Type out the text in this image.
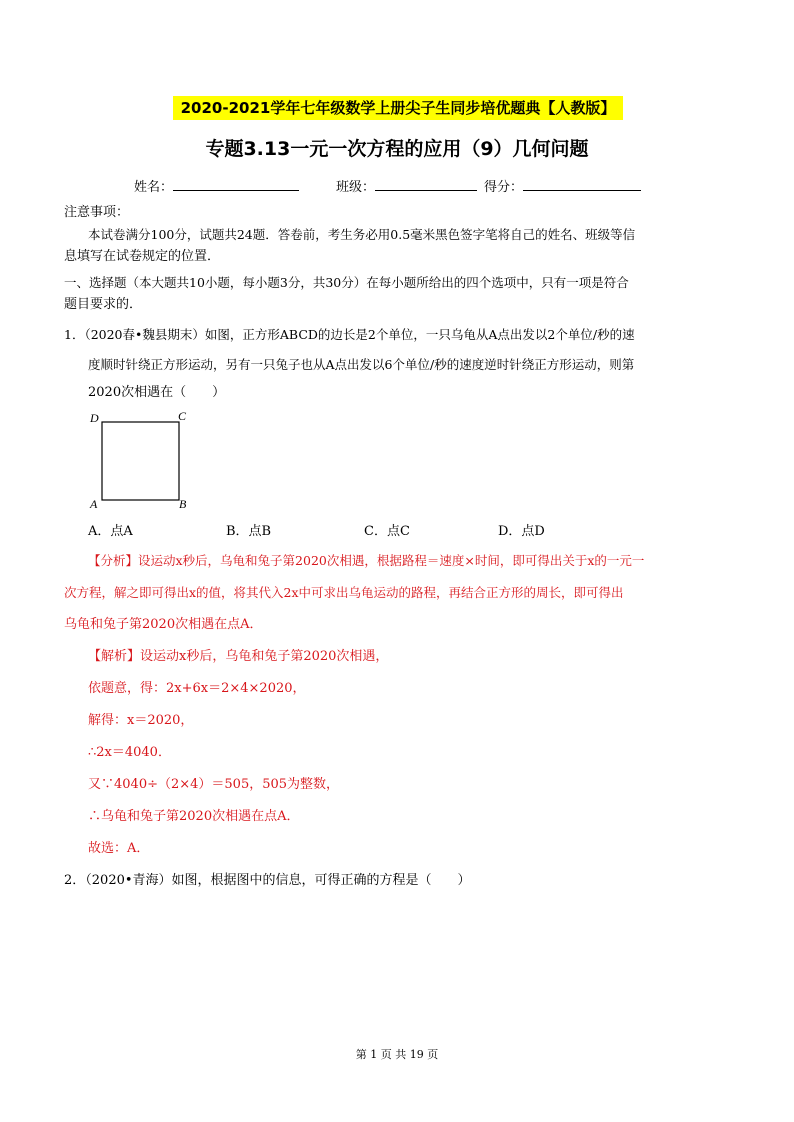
2020-2021学年七年级数学上册尖子生同步培优题典【人教版】
专题3.13一元一次方程的应用（9）几何问题
姓名：	班级：	得分：
注意事项：
本试卷满分100分，试题共24题．答卷前，考生务必用0.5毫米黑色签字笔将自己的姓名、班级等信
息填写在试卷规定的位置．
一、选择题（本大题共10小题，每小题3分，共30分）在每小题所给出的四个选项中，只有一项是符合
题目要求的．
1．（2020春•魏县期末）如图，正方形ABCD的边长是2个单位，一只乌龟从A点出发以2个单位/秒的速
度顺时针绕正方形运动，另有一只兔子也从A点出发以6个单位/秒的速度逆时针绕正方形运动，则第
2020次相遇在（　　）
D	C
A	B
A．点A	B．点B	C．点C	D．点D
【分析】设运动x秒后，乌龟和兔子第2020次相遇，根据路程＝速度×时间，即可得出关于x的一元一
次方程，解之即可得出x的值，将其代入2x中可求出乌龟运动的路程，再结合正方形的周长，即可得出
乌龟和兔子第2020次相遇在点A．
【解析】设运动x秒后，乌龟和兔子第2020次相遇，
依题意，得：2x+6x＝2×4×2020，
解得：x＝2020，
∴2x＝4040．
又∵4040÷（2×4）＝505，505为整数，
∴乌龟和兔子第2020次相遇在点A．
故选：A．
2．（2020•青海）如图，根据图中的信息，可得正确的方程是（　　）
第 1 页 共 19 页
